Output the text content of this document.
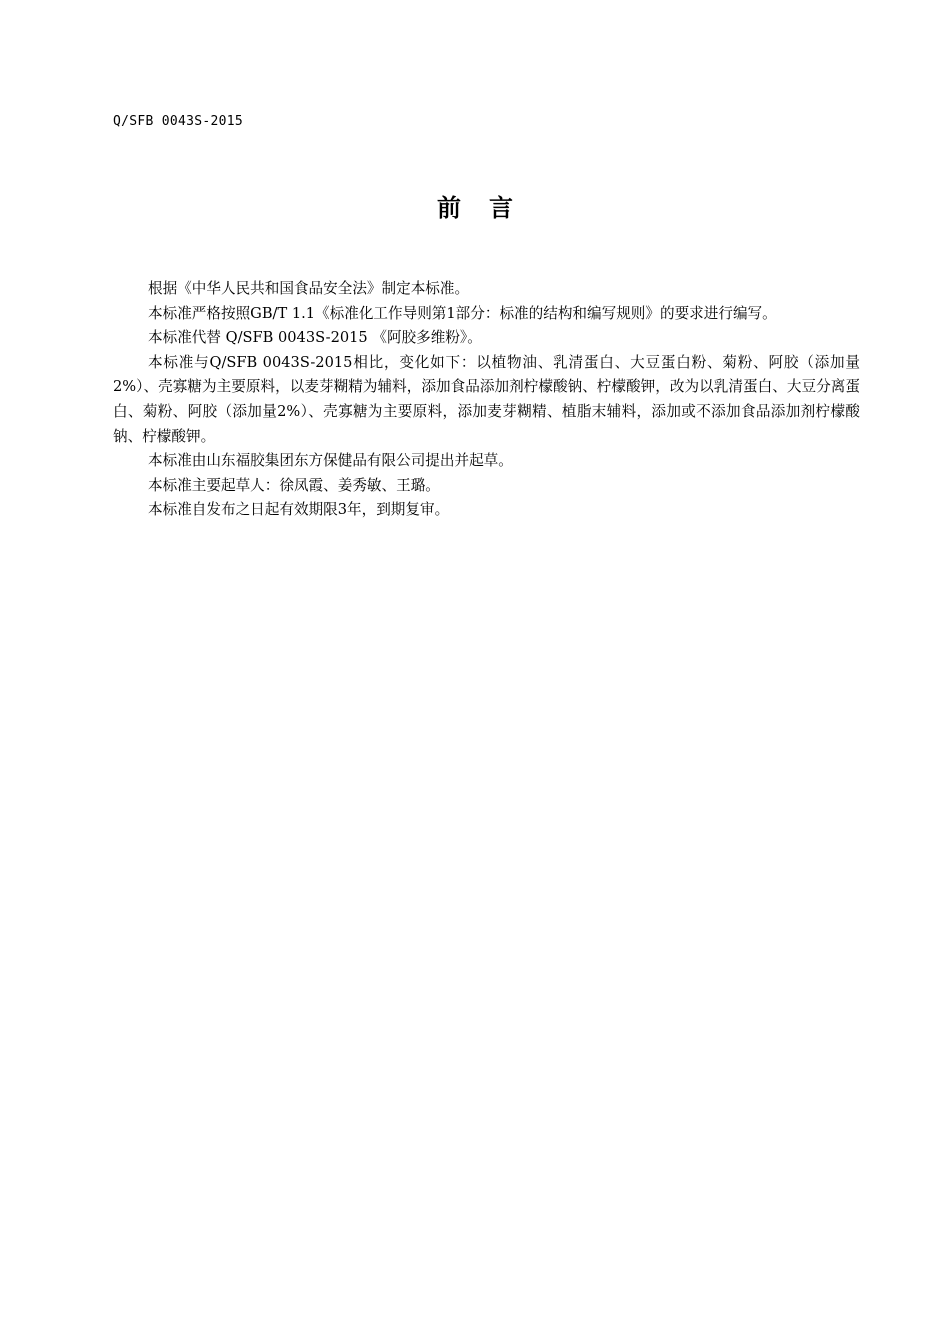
Q/SFB 0043S-2015
前言

根据《中华人民共和国食品安全法》制定本标准。

本标准严格按照GB/T 1.1《标准化工作导则第1部分：标准的结构和编写规则》的要求进行编写。

本标准代替 Q/SFB 0043S-2015 《阿胶多维粉》。

本标准与Q/SFB 0043S-2015相比，变化如下：以植物油、乳清蛋白、大豆蛋白粉、菊粉、阿胶（添加量2%）、壳寡糖为主要原料，以麦芽糊精为辅料，添加食品添加剂柠檬酸钠、柠檬酸钾，改为以乳清蛋白、大豆分离蛋白、菊粉、阿胶（添加量2%）、壳寡糖为主要原料，添加麦芽糊精、植脂末辅料，添加或不添加食品添加剂柠檬酸钠、柠檬酸钾。

本标准由山东福胶集团东方保健品有限公司提出并起草。

本标准主要起草人：徐凤霞、姜秀敏、王璐。

本标准自发布之日起有效期限3年，到期复审。
